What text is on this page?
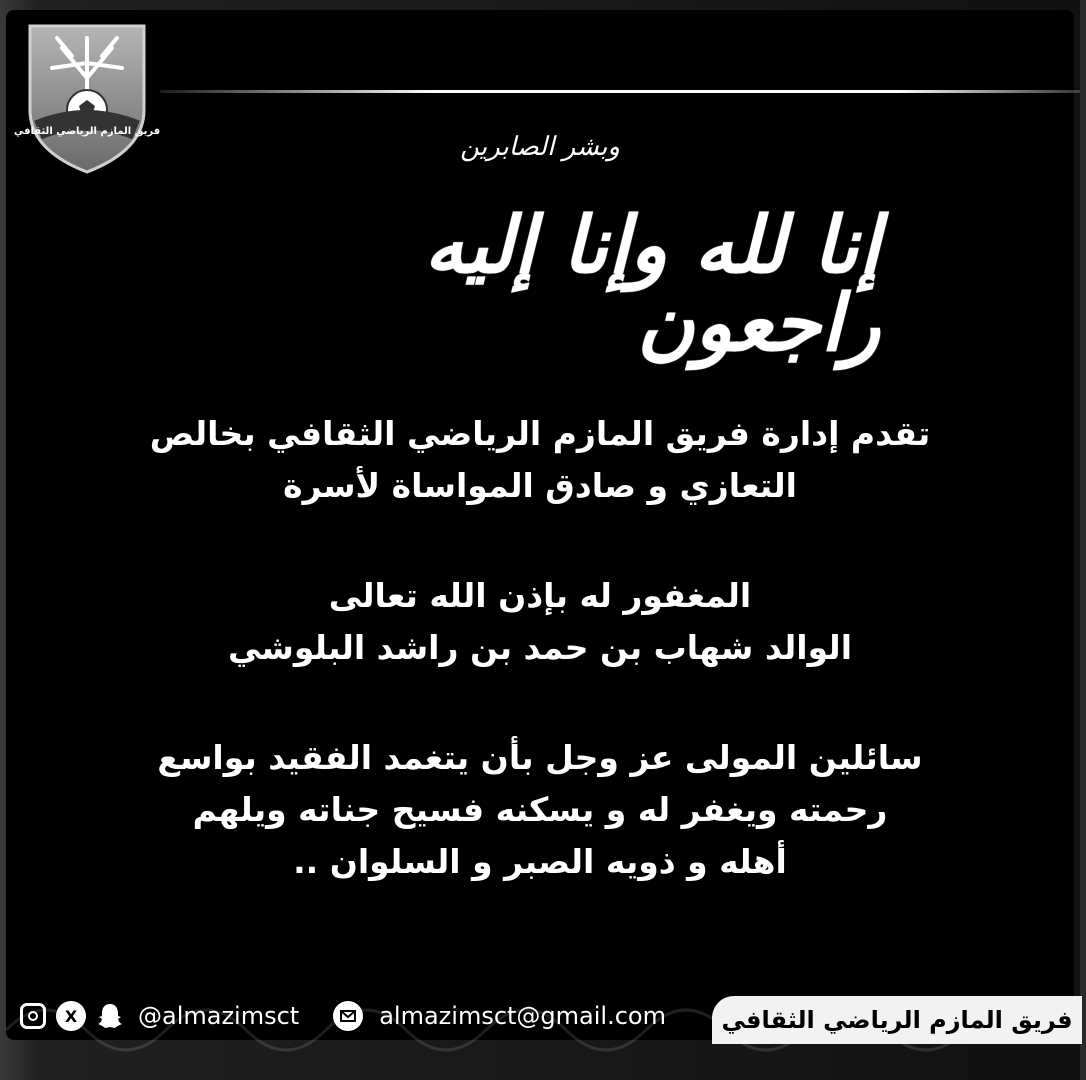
فريق المازم الرياضي الثقافي
وبشر الصابرين
إنا لله وإنا إليه راجعون
تقدم إدارة فريق المازم الرياضي الثقافي بخالص
التعازي و صادق المواساة لأسرة
المغفور له بإذن الله تعالى
الوالد شهاب بن حمد بن راشد البلوشي
سائلين المولى عز وجل بأن يتغمد الفقيد بواسع
رحمته ويغفر له و يسكنه فسيح جناته ويلهم
أهله و ذويه الصبر و السلوان ..
X	@almazimsct	almazimsct@gmail.com	فريق المازم الرياضي الثقافي
